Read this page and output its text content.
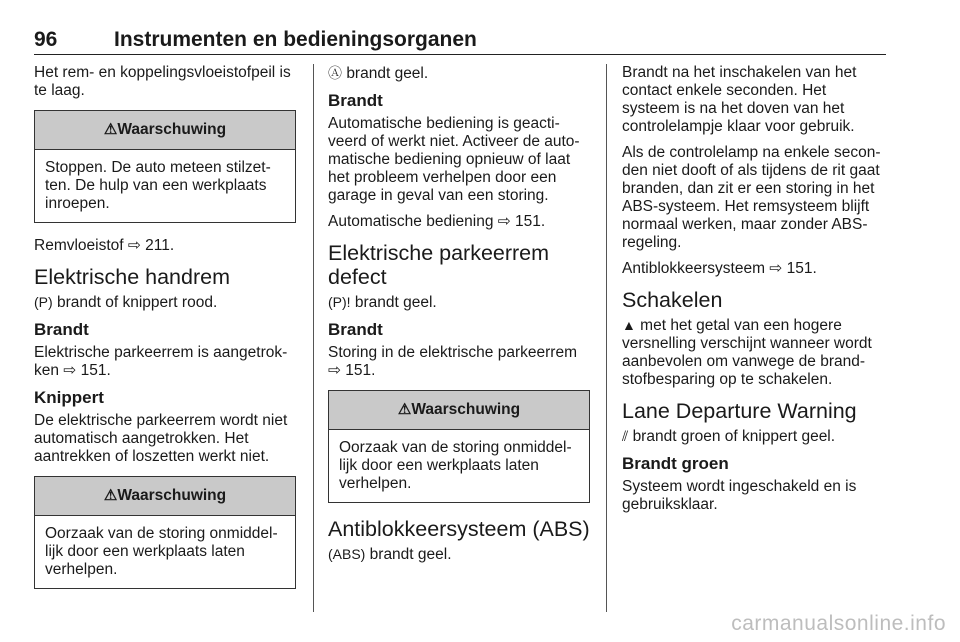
96	Instrumenten en bedieningsorganen

Het rem- en koppelingsvloeistofpeil is te laag.

⚠Waarschuwing
Stoppen. De auto meteen stilzetten. De hulp van een werkplaats inroepen.

Remvloeistof ⇨ 211.

Elektrische handrem

(P) brandt of knippert rood.

Brandt

Elektrische parkeerrem is aangetrokken ⇨ 151.

Knippert

De elektrische parkeerrem wordt niet automatisch aangetrokken. Het aantrekken of loszetten werkt niet.

⚠Waarschuwing
Oorzaak van de storing onmiddellijk door een werkplaats laten verhelpen.

Ⓐ brandt geel.

Brandt

Automatische bediening is geactiveerd of werkt niet. Activeer de automatische bediening opnieuw of laat het probleem verhelpen door een garage in geval van een storing.

Automatische bediening ⇨ 151.

Elektrische parkeerrem defect

(P)! brandt geel.

Brandt

Storing in de elektrische parkeerrem ⇨ 151.

⚠Waarschuwing
Oorzaak van de storing onmiddellijk door een werkplaats laten verhelpen.
Antiblokkeersysteem (ABS)

(ABS) brandt geel.

Brandt na het inschakelen van het contact enkele seconden. Het systeem is na het doven van het controlelampje klaar voor gebruik.

Als de controlelamp na enkele seconden niet dooft of als tijdens de rit gaat branden, dan zit er een storing in het ABS-systeem. Het remsysteem blijft normaal werken, maar zonder ABS-regeling.

Antiblokkeersysteem ⇨ 151.

Schakelen

▲ met het getal van een hogere versnelling verschijnt wanneer wordt aanbevolen om vanwege de brandstofbesparing op te schakelen.

Lane Departure Warning

⫽ brandt groen of knippert geel.

Brandt groen

Systeem wordt ingeschakeld en is gebruiksklaar.

carmanualsonline.info
